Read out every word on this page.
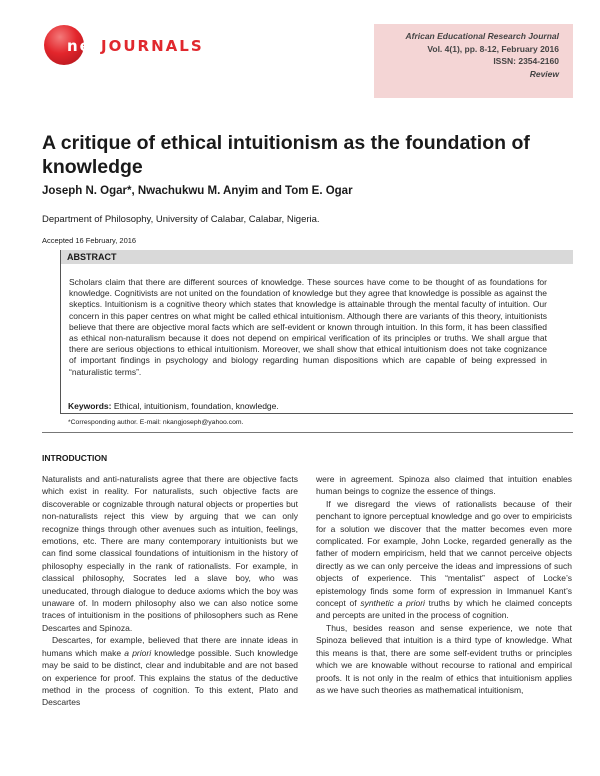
netJOURNALS
African Educational Research Journal
Vol. 4(1), pp. 8-12, February 2016
ISSN: 2354-2160
Review
A critique of ethical intuitionism as the foundation of knowledge
Joseph N. Ogar*, Nwachukwu M. Anyim and Tom E. Ogar
Department of Philosophy, University of Calabar, Calabar, Nigeria.
Accepted 16 February, 2016
ABSTRACT
Scholars claim that there are different sources of knowledge. These sources have come to be thought of as foundations for knowledge. Cognitivists are not united on the foundation of knowledge but they agree that knowledge is possible as against the skeptics. Intuitionism is a cognitive theory which states that knowledge is attainable through the mental faculty of intuition. Our concern in this paper centres on what might be called ethical intuitionism. Although there are variants of this theory, intuitionists believe that there are objective moral facts which are self-evident or known through intuition. In this form, it has been classified as ethical non-naturalism because it does not depend on empirical verification of its principles or truths. We shall argue that there are serious objections to ethical intuitionism. Moreover, we shall show that ethical intuitionism does not take cognizance of important findings in psychology and biology regarding human dispositions which are capable of being expressed in “naturalistic terms”.
Keywords: Ethical, intuitionism, foundation, knowledge.
*Corresponding author. E-mail: nkangjoseph@yahoo.com.
INTRODUCTION

Naturalists and anti-naturalists agree that there are objective facts which exist in reality. For naturalists, such objective facts are discoverable or cognizable through natural objects or properties but non-naturalists reject this view by arguing that we can only recognize things through other avenues such as intuition, feelings, emotions, etc. There are many contemporary intuitionists but we can find some classical foundations of intuitionism in the history of philosophy especially in the rank of rationalists. For example, in classical philosophy, Socrates led a slave boy, who was uneducated, through dialogue to deduce axioms which the boy was unaware of. In modern philosophy also we can also notice some traces of intuitionism in the positions of philosophers such as Rene Descartes and Spinoza.

Descartes, for example, believed that there are innate ideas in humans which make a priori knowledge possible. Such knowledge may be said to be distinct, clear and indubitable and are not based on experience for proof. This explains the status of the deductive method in the process of cognition. To this extent, Plato and Descartes

were in agreement. Spinoza also claimed that intuition enables human beings to cognize the essence of things.

If we disregard the views of rationalists because of their penchant to ignore perceptual knowledge and go over to empiricists for a solution we discover that the matter becomes even more complicated. For example, John Locke, regarded generally as the father of modern empiricism, held that we cannot perceive objects directly as we can only perceive the ideas and impressions of such objects of experience. This “mentalist” aspect of Locke’s epistemology finds some form of expression in Immanuel Kant’s concept of synthetic a priori truths by which he claimed concepts and percepts are united in the process of cognition.

Thus, besides reason and sense experience, we note that Spinoza believed that intuition is a third type of knowledge. What this means is that, there are some self-evident truths or principles which we are knowable without recourse to rational and empirical proofs. It is not only in the realm of ethics that intuitionism applies as we have such theories as mathematical intuitionism,
